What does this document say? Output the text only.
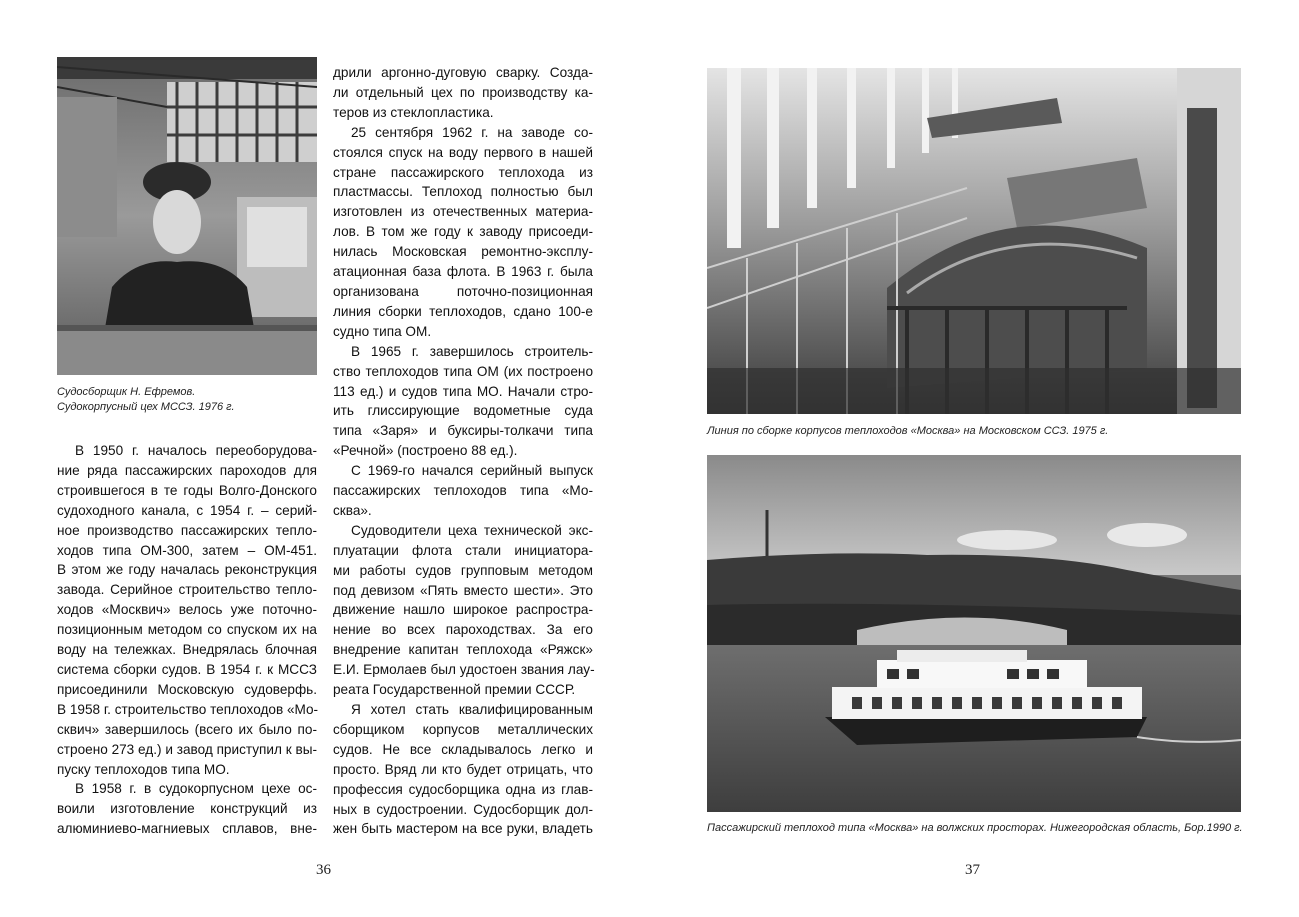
Судосборщик Н. Ефремов.
Судокорпусный цех МССЗ. 1976 г.
В 1950 г. началось переоборудова-
ние ряда пассажирских пароходов для
строившегося в те годы Волго-Донского
судоходного канала, с 1954 г. – серий-
ное производство пассажирских тепло-
ходов типа ОМ-300, затем – ОМ-451.
В этом же году началась реконструкция
завода. Серийное строительство тепло-
ходов «Москвич» велось уже поточно-
позиционным методом со спуском их на
воду на тележках. Внедрялась блочная
система сборки судов. В 1954 г. к МССЗ
присоединили Московскую судоверфь.
В 1958 г. строительство теплоходов «Мо-
сквич» завершилось (всего их было по-
строено 273 ед.) и завод приступил к вы-
пуску теплоходов типа МО.
В 1958 г. в судокорпусном цехе ос-
воили изготовление конструкций из
алюминиево-магниевых сплавов, вне-
дрили аргонно-дуговую сварку. Созда-
ли отдельный цех по производству ка-
теров из стеклопластика.
25 сентября 1962 г. на заводе со-
стоялся спуск на воду первого в нашей
стране пассажирского теплохода из
пластмассы. Теплоход полностью был
изготовлен из отечественных материа-
лов. В том же году к заводу присоеди-
нилась Московская ремонтно-эксплу-
атационная база флота. В 1963 г. была
организована поточно-позиционная
линия сборки теплоходов, сдано 100-е
судно типа ОМ.
В 1965 г. завершилось строитель-
ство теплоходов типа ОМ (их построено
113 ед.) и судов типа МО. Начали стро-
ить глиссирующие водометные суда
типа «Заря» и буксиры-толкачи типа
«Речной» (построено 88 ед.).
С 1969-го начался серийный выпуск
пассажирских теплоходов типа «Мо-
сква».
Судоводители цеха технической экс-
плуатации флота стали инициатора-
ми работы судов групповым методом
под девизом «Пять вместо шести». Это
движение нашло широкое распростра-
нение во всех пароходствах. За его
внедрение капитан теплохода «Ряжск»
Е.И. Ермолаев был удостоен звания лау-
реата Государственной премии СССР.
Я хотел стать квалифицированным
сборщиком корпусов металлических
судов. Не все складывалось легко и
просто. Вряд ли кто будет отрицать, что
профессия судосборщика одна из глав-
ных в судостроении. Судосборщик дол-
жен быть мастером на все руки, владеть
36
Линия по сборке корпусов теплоходов «Москва» на Московском ССЗ. 1975 г.
Пассажирский теплоход типа «Москва» на волжских просторах. Нижегородская область, Бор.1990 г.
37
